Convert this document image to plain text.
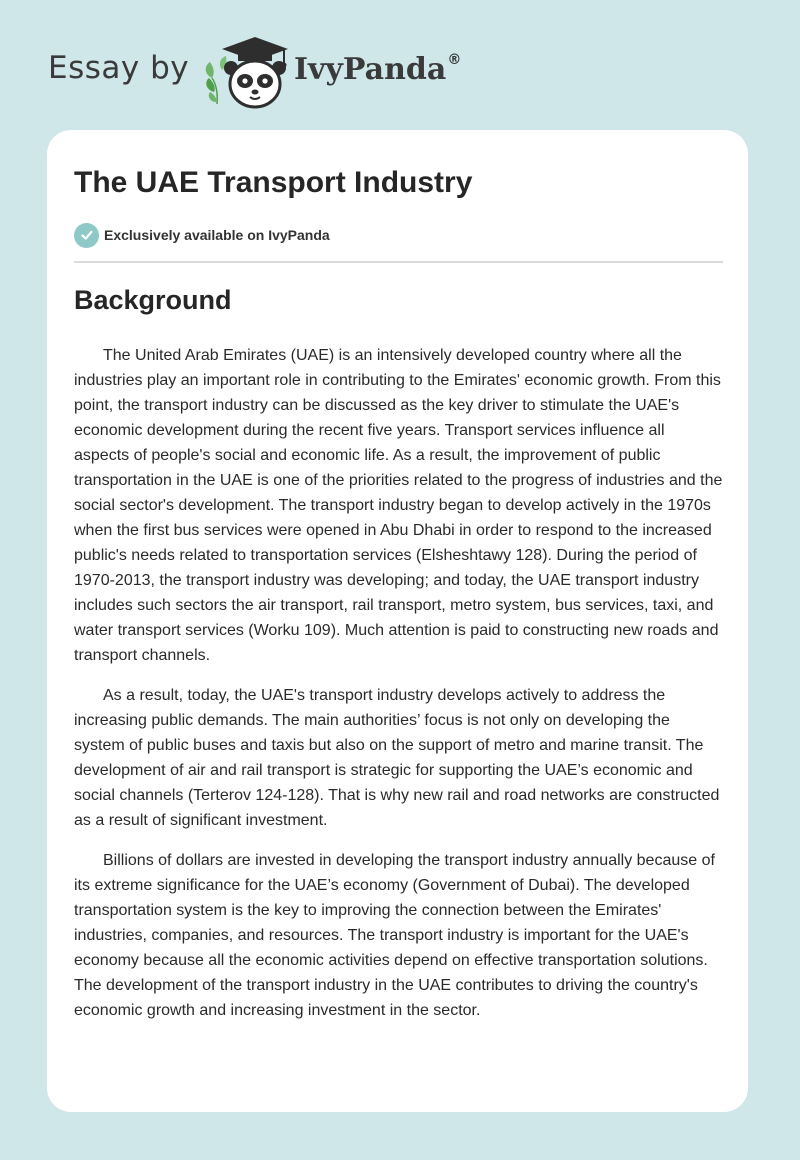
Essay by	IvyPanda®
The UAE Transport Industry
Exclusively available on IvyPanda
Background

The United Arab Emirates (UAE) is an intensively developed country where all the industries play an important role in contributing to the Emirates' economic growth. From this point, the transport industry can be discussed as the key driver to stimulate the UAE's economic development during the recent five years. Transport services influence all aspects of people's social and economic life. As a result, the improvement of public transportation in the UAE is one of the priorities related to the progress of industries and the social sector's development. The transport industry began to develop actively in the 1970s when the first bus services were opened in Abu Dhabi in order to respond to the increased public's needs related to transportation services (Elsheshtawy 128). During the period of 1970-2013, the transport industry was developing; and today, the UAE transport industry includes such sectors the air transport, rail transport, metro system, bus services, taxi, and water transport services (Worku 109). Much attention is paid to constructing new roads and transport channels.

As a result, today, the UAE's transport industry develops actively to address the increasing public demands. The main authorities’ focus is not only on developing the system of public buses and taxis but also on the support of metro and marine transit. The development of air and rail transport is strategic for supporting the UAE’s economic and social channels (Terterov 124-128). That is why new rail and road networks are constructed as a result of significant investment.

Billions of dollars are invested in developing the transport industry annually because of its extreme significance for the UAE’s economy (Government of Dubai). The developed transportation system is the key to improving the connection between the Emirates' industries, companies, and resources. The transport industry is important for the UAE's economy because all the economic activities depend on effective transportation solutions. The development of the transport industry in the UAE contributes to driving the country's economic growth and increasing investment in the sector.
